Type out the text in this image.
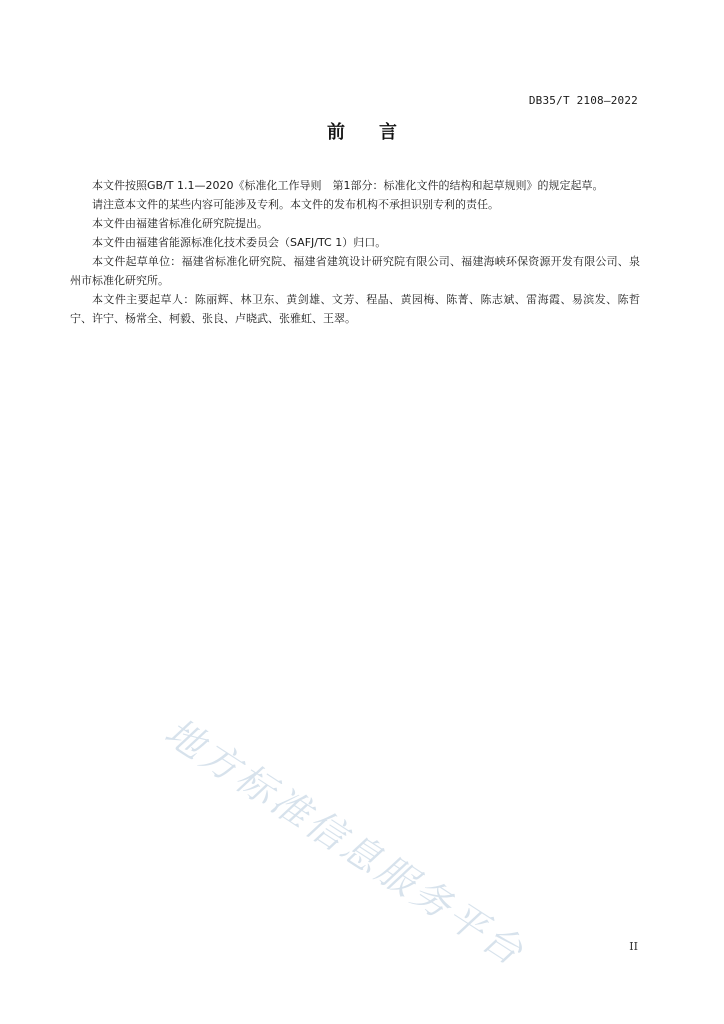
DB35/T 2108—2022
前言

本文件按照GB/T 1.1—2020《标准化工作导则　第1部分：标准化文件的结构和起草规则》的规定起草。

请注意本文件的某些内容可能涉及专利。本文件的发布机构不承担识别专利的责任。

本文件由福建省标准化研究院提出。

本文件由福建省能源标准化技术委员会（SAFJ/TC 1）归口。

本文件起草单位：福建省标准化研究院、福建省建筑设计研究院有限公司、福建海峡环保资源开发有限公司、泉州市标准化研究所。

本文件主要起草人：陈丽辉、林卫东、黄剑雄、文芳、程晶、黄园梅、陈菁、陈志斌、雷海霞、易滨发、陈哲宁、许宁、杨常全、柯毅、张良、卢晓武、张雅虹、王翠。

地方标准信息服务平台	II
